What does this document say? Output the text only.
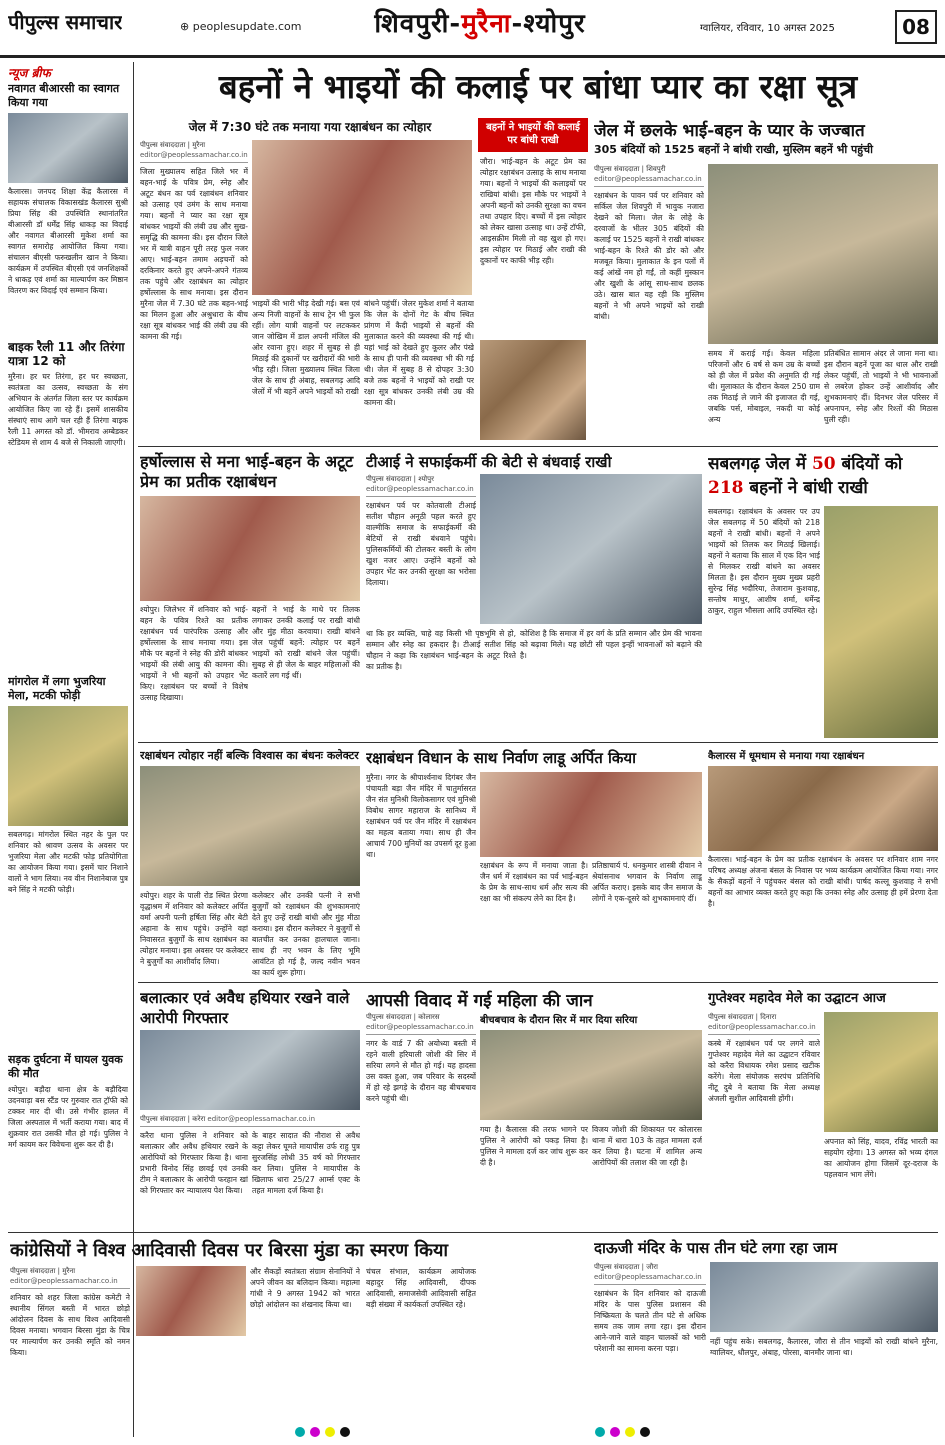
पीपुल्स समाचार	⊕ peoplesupdate.com	शिवपुरी-मुरैना-श्योपुर	ग्वालियर, रविवार, 10 अगस्त 2025	08
न्यूज ब्रीफ
नवागत बीआरसी का स्वागत किया गया
कैलारस। जनपद शिक्षा केंद्र कैलारस में सहायक संचालक विकासखंड कैलारस सुश्री प्रिया सिंह की उपस्थिति स्थानांतरित बीआरसी डॉ धर्मेंद्र सिंह धाकड़ का विदाई और नवागत बीआरसी मुकेश शर्मा का स्वागत समारोह आयोजित किया गया। संचालन बीएसी फरुखलीन खान ने किया। कार्यक्रम में उपस्थित बीएसी एवं जनशिक्षकों ने धाकड़ एवं शर्मा का माल्यार्पण कर मिष्ठान वितरण कर विदाई एवं सम्मान किया।
बाइक रैली 11 और तिरंगा यात्रा 12 को
मुरैना। हर घर तिरंगा, हर घर स्वच्छता, स्वतंत्रता का उत्सव, स्वच्छता के संग अभियान के अंतर्गत जिला स्तर पर कार्यक्रम आयोजित किए जा रहे हैं। इसमें शासकीय संस्थाएं साथ आगे चल रही हैं तिरंगा बाइक रैली 11 अगस्त को डॉ. भीमराव अम्बेडकर स्टेडियम से शाम 4 बजे से निकाली जाएगी।
मांगरोल में लगा भुजरिया मेला, मटकी फोड़ी
सबलगढ़। मांगरोल स्थित नहर के पुल पर शनिवार को श्रावण उत्सव के अवसर पर भुजरिया मेला और मटकी फोड़ प्रतियोगिता का आयोजन किया गया। इसमें चार निशाने वालों ने भाग लिया। नव वीन निशानेबाज पुत्र बने सिंह ने मटकी फोड़ी।
सड़क दुर्घटना में घायल युवक की मौत
श्योपुर। बड़ौदा थाना क्षेत्र के बड़ौदिया उदनवाड़ा बस स्टैंड पर गुरुवार रात ट्रॉफी को टक्कर मार दी थी। उसे गंभीर हालत में जिला अस्पताल में भर्ती कराया गया। बाद में शुक्रवार रात उसकी मौत हो गई। पुलिस ने मर्ग कायम कर विवेचना शुरू कर दी है।
बहनों ने भाइयों की कलाई पर बांधा प्यार का रक्षा सूत्र
जेल में 7:30 घंटे तक मनाया गया रक्षाबंधन का त्योहार
पीपुल्स संवाददाता | मुरैना
editor@peoplessamachar.co.in
जिला मुख्यालय सहित जिले भर में बहन-भाई के पवित्र प्रेम, स्नेह और अटूट बंधन का पर्व रक्षाबंधन शनिवार को उत्साह एवं उमंग के साथ मनाया गया। बहनों ने प्यार का रक्षा सूत्र बांधकर भाइयों की लंबी उम्र और सुख-समृद्धि की कामना की। इस दौरान जिले भर में यात्री वाहन पूरी तरह फुल नजर आए। भाई-बहन तमाम अड़चनों को दरकिनार करते हुए अपने-अपने गंतव्य तक पहुंचे और रक्षाबंधन का त्योहार हर्षोल्लास के साथ मनाया। इस दौरान मुरैना जेल में 7.30 घंटे तक बहन-भाई का मिलन हुआ और अश्रुधारा के बीच रक्षा सूत्र बांधकर भाई की लंबी उम्र की कामना की गई।
भाइयों की भारी भीड़ देखी गई। बस एवं अन्य निजी वाहनों के साथ ट्रेन भी फुल रहीं। लोग यात्री वाहनों पर लटककर जान जोखिम में डाल अपनी मंजिल की ओर रवाना हुए। शहर में सुबह से ही मिठाई की दुकानों पर खरीदारों की भारी भीड़ रही। जिला मुख्यालय स्थित जिला जेल के साथ ही अंबाह, सबलगढ़ आदि जेलों में भी बहनें अपने भाइयों को राखी
बांधने पहुंचीं। जेलर मुकेश शर्मा ने बताया कि जेल के दोनों गेट के बीच स्थित प्रांगण में कैदी भाइयों से बहनों की मुलाकात करने की व्यवस्था की गई थी। यहां भाई को देखते हुए कूलर और पंखे के साथ ही पानी की व्यवस्था भी की गई थी। जेल में सुबह 8 से दोपहर 3:30 बजे तक बहनों ने भाइयों को राखी पर रक्षा सूत्र बांधकर उनकी लंबी उम्र की कामना की।
बहनों ने भाइयों की कलाई पर बांधी राखी
जौरा। भाई-बहन के अटूट प्रेम का त्योहार रक्षाबंधन उत्साह के साथ मनाया गया। बहनों ने भाइयों की कलाइयों पर राखियां बांधी। इस मौके पर भाइयों ने अपनी बहनों को उनकी सुरक्षा का वचन तथा उपहार दिए। बच्चों में इस त्योहार को लेकर खासा उत्साह था। उन्हें टॉफी, आइसक्रीम मिली तो वह खुश हो गए। इस त्योहार पर मिठाई और राखी की दुकानों पर काफी भीड़ रही।
जेल में छलके भाई-बहन के प्यार के जज्बात
305 बंदियों को 1525 बहनों ने बांधी राखी, मुस्लिम बहनें भी पहुंची
पीपुल्स संवाददाता | शिवपुरी
editor@peoplessamachar.co.in
रक्षाबंधन के पावन पर्व पर शनिवार को सर्किल जेल शिवपुरी में भावुक नजारा देखने को मिला। जेल के लोहे के दरवाजों के भीतर 305 बंदियों की कलाई पर 1525 बहनों ने राखी बांधकर भाई-बहन के रिश्ते की डोर को और मजबूत किया। मुलाकात के इन पलों में कई आंखें नम हो गईं, तो कहीं मुस्कान और खुशी के आंसू साथ-साथ छलक उठे। खास बात यह रही कि मुस्लिम बहनों ने भी अपने भाइयों को राखी बांधी।
समय में कराई गई। केवल महिला परिजनों और 6 वर्ष से कम उम्र के बच्चों को ही जेल में प्रवेश की अनुमति दी गई थी। मुलाकात के दौरान केवल 250 ग्राम तक मिठाई ले जाने की इजाजत दी गई, जबकि पर्स, मोबाइल, नकदी या कोई अन्य
प्रतिबंधित सामान अंदर ले जाना मना था। इस दौरान बहनें पूजा का थाल और राखी लेकर पहुंचीं, तो भाइयों ने भी भावनाओं से लबरेज होकर उन्हें आशीर्वाद और शुभकामनाएं दीं। दिनभर जेल परिसर में अपनापन, स्नेह और रिश्तों की मिठास घुली रही।
हर्षोल्लास से मना भाई-बहन के अटूट प्रेम का प्रतीक रक्षाबंधन
श्योपुर। जिलेभर में शनिवार को भाई-बहन के पवित्र रिश्ते का प्रतीक रक्षाबंधन पर्व पारंपरिक उत्साह और हर्षोल्लास के साथ मनाया गया। इस मौके पर बहनों ने स्नेह की डोरी बांधकर भाइयों की लंबी आयु की कामना की। भाइयों ने भी बहनों को उपहार भेंट किए। रक्षाबंधन पर बच्चों ने विशेष उत्साह दिखाया।
बहनों ने भाई के माथे पर तिलक लगाकर उनकी कलाई पर राखी बांधी और मुंह मीठा करवाया। राखी बांधने जेल पहुंचीं बहनें: त्योहार पर बहनें भाइयों को राखी बांधने जेल पहुंचीं। सुबह से ही जेल के बाहर महिलाओं की कतारें लग गई थीं।
टीआई ने सफाईकर्मी की बेटी से बंधवाई राखी
पीपुल्स संवाददाता | श्योपुर
editor@peoplessamachar.co.in
रक्षाबंधन पर्व पर कोतवाली टीआई सतीश चौहान अनूठी पहल करते हुए वाल्मीकि समाज के सफाईकर्मी की बेटियों से राखी बंधवाने पहुंचे। पुलिसकर्मियों की टोलकर बस्ती के लोग खुश नजर आए। उन्होंने बहनों को उपहार भेंट कर उनकी सुरक्षा का भरोसा दिलाया।
था कि हर व्यक्ति, चाहे वह किसी भी पृष्ठभूमि से हो, सम्मान और स्नेह का हकदार है। टीआई सतीश सिंह चौहान ने कहा कि रक्षाबंधन भाई-बहन के अटूट रिश्ते का प्रतीक है।
कोशिश है कि समाज में हर वर्ग के प्रति सम्मान और प्रेम की भावना को बढ़ावा मिले। यह छोटी सी पहल इन्हीं भावनाओं को बढ़ाने की है।
सबलगढ़ जेल में 50 बंदियों को 218 बहनों ने बांधी राखी
सबलगढ़। रक्षाबंधन के अवसर पर उप जेल सबलगढ़ में 50 बंदियों को 218 बहनों ने राखी बांधी। बहनों ने अपने भाइयों को तिलक कर मिठाई खिलाई। बहनों ने बताया कि साल में एक दिन भाई से मिलकर राखी बांधने का अवसर मिलता है। इस दौरान मुख्य मुख्य प्रहरी सुरेन्द्र सिंह भदौरिया, तेजाराम कुशवाह, सन्तोष माथुर, आशीष शर्मा, धर्मेन्द्र ठाकुर, राहुल भौसला आदि उपस्थित रहे।
रक्षाबंधन त्योहार नहीं बल्कि विश्वास का बंधनः कलेक्टर
श्योपुर। शहर के पाली रोड स्थित प्रेरणा वृद्धाश्रम में शनिवार को कलेक्टर अर्पित वर्मा अपनी पत्नी हर्षिता सिंह और बेटी अहाना के साथ पहुंचे। उन्होंने वहां निवासरत बुजुर्गों के साथ रक्षाबंधन का त्योहार मनाया। इस अवसर पर कलेक्टर ने बुजुर्गों का आशीर्वाद लिया।
कलेक्टर और उनकी पत्नी ने सभी बुजुर्गों को रक्षाबंधन की शुभकामनाएं देते हुए उन्हें राखी बांधी और मुंह मीठा कराया। इस दौरान कलेक्टर ने बुजुर्गों से बातचीत कर उनका हालचाल जाना। साथ ही नए भवन के लिए भूमि आवंटित हो गई है, जल्द नवीन भवन का कार्य शुरू होगा।
रक्षाबंधन विधान के साथ निर्वाण लाडू अर्पित किया
मुरैना। नगर के श्रीपार्श्वनाथ दिगंबर जैन पंचायती बड़ा जैन मंदिर में चातुर्मासरत जैन संत मुनिश्री विलोकसागर एवं मुनिश्री विबोध सागर महाराज के सानिध्य में रक्षाबंधन पर्व पर जैन मंदिर में रक्षाबंधन का महत्व बताया गया। साथ ही जैन आचार्य 700 मुनियों का उपसर्ग दूर हुआ था।
रक्षाबंधन के रूप में मनाया जाता है। जैन धर्म में रक्षाबंधन का पर्व भाई-बहन के प्रेम के साथ-साथ धर्म और सत्य की रक्षा का भी संकल्प लेने का दिन है।
प्रतिष्ठाचार्य पं. धनकुमार शास्त्री दीवान ने श्रेयांसनाथ भगवान के निर्वाण लाडू अर्पित कराए। इसके बाद जैन समाज के लोगों ने एक-दूसरे को शुभकामनाएं दीं।
कैलारस में धूमधाम से मनाया गया रक्षाबंधन
कैलारस। भाई-बहन के प्रेम का प्रतीक रक्षाबंधन के अवसर पर शनिवार शाम नगर परिषद अध्यक्ष अंजना बंसल के निवास पर भव्य कार्यक्रम आयोजित किया गया। नगर के सैकड़ों बहनों ने पहुंचकर बंसल को राखी बांधी। पार्षद कल्लू कुशवाह ने सभी बहनों का आभार व्यक्त करते हुए कहा कि उनका स्नेह और उत्साह ही हमें प्रेरणा देता है।
बलात्कार एवं अवैध हथियार रखने वाले आरोपी गिरफ्तार
पीपुल्स संवाददाता | करेरा editor@peoplessamachar.co.in
करैरा थाना पुलिस ने शनिवार को बलात्कार और अवैध हथियार रखने के आरोपियों को गिरफ्तार किया है। थाना प्रभारी विनोद सिंह छावई एवं उनकी टीम ने बलात्कार के आरोपी फरहान खां को गिरफ्तार कर न्यायालय पेश किया।
के बाहर सादात की नौराश से अवैध कट्टा लेकर घूमते मायापीस उर्फ राहु पुत्र सुरजसिंह लोधी 35 वर्ष को गिरफ्तार कर लिया। पुलिस ने मायापीस के खिलाफ धारा 25/27 आर्म्स एक्ट के तहत मामला दर्ज किया है।
आपसी विवाद में गई महिला की जान
बीचबचाव के दौरान सिर में मार दिया सरिया
पीपुल्स संवाददाता | कोलारस
editor@peoplessamachar.co.in
नगर के वार्ड 7 की अयोध्या बस्ती में रहने वाली हरियाली जोशी की सिर में सरिया लगने से मौत हो गई। यह हादसा उस वक्त हुआ, जब परिवार के सदस्यों में हो रहे झगड़े के दौरान वह बीचबचाव करने पहुंची थी।
गया है। कैलारस की तरफ भागने पर पुलिस ने आरोपी को पकड़ लिया है। पुलिस ने मामला दर्ज कर जांच शुरू कर दी है।
विजय जोशी की शिकायत पर कोलारस थाना में धारा 103 के तहत मामला दर्ज कर लिया है। घटना में शामिल अन्य आरोपियों की तलाश की जा रही है।
गुप्तेश्वर महादेव मेले का उद्घाटन आज
पीपुल्स संवाददाता | दिनारा
editor@peoplessamachar.co.in
कस्बे में रक्षाबंधन पर्व पर लगने वाले गुप्तेश्वर महादेव मेले का उद्घाटन रविवार को करैरा विधायक रमेश प्रसाद खटीक करेंगे। मेला संयोजक सरपंच प्रतिनिधि नीटू दुबे ने बताया कि मेला अध्यक्ष अंजली सुशील आदिवासी होंगी।
अपनात को सिंह, यादव, रविंद्र भारती का सहयोग रहेगा। 13 अगस्त को भव्य दंगल का आयोजन होगा जिसमें दूर-दराज के पहलवान भाग लेंगे।
कांग्रेसियों ने विश्व आदिवासी दिवस पर बिरसा मुंडा का स्मरण किया
पीपुल्स संवाददाता | मुरैना
editor@peoplessamachar.co.in
शनिवार को शहर जिला कांग्रेस कमेटी ने स्थानीय सिंगल बस्ती में भारत छोड़ो आंदोलन दिवस के साथ विश्व आदिवासी दिवस मनाया। भगवान बिरसा मुंडा के चित्र पर माल्यार्पण कर उनकी स्मृति को नमन किया।
और सैकड़ों स्वतंत्रता संग्राम सेनानियों ने अपने जीवन का बलिदान किया। महात्मा गांधी ने 9 अगस्त 1942 को भारत छोड़ो आंदोलन का शंखनाद किया था।
चंचल संभाल, कार्यक्रम आयोजक बहादुर सिंह आदिवासी, दीपक आदिवासी, समाजसेवी आदिवासी सहित बड़ी संख्या में कार्यकर्ता उपस्थित रहे।
दाऊजी मंदिर के पास तीन घंटे लगा रहा जाम
पीपुल्स संवाददाता | जौरा
editor@peoplessamachar.co.in
रक्षाबंधन के दिन शनिवार को दाऊजी मंदिर के पास पुलिस प्रशासन की निष्क्रियता के चलते तीन घंटे से अधिक समय तक जाम लगा रहा। इस दौरान आने-जाने वाले वाहन चालकों को भारी परेशानी का सामना करना पड़ा।
नहीं पहुंच सके। सबलगढ़, कैलारस, जौरा से तीन भाइयों को राखी बांधने मुरैना, ग्वालियर, धौलपुर, अंबाह, पोरसा, बानमौर जाना था।
